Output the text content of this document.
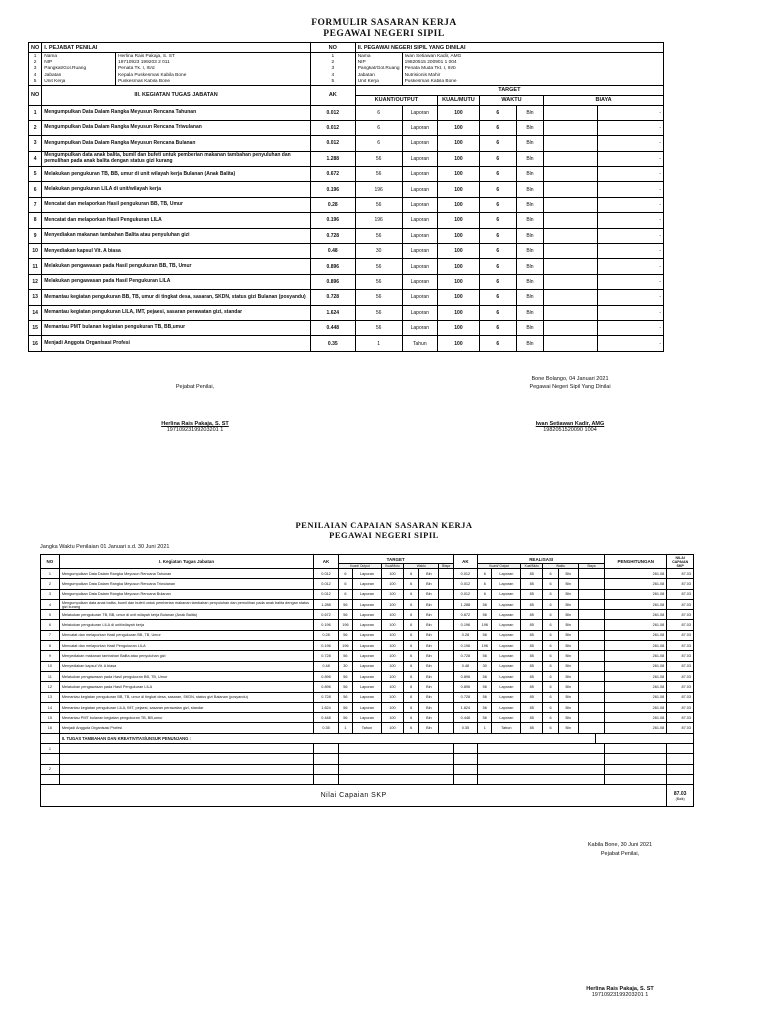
FORMULIR SASARAN KERJA
PEGAWAI NEGERI SIPIL
NO	I. PEJABAT PENILAI		NO	II. PEGAWAI NEGERI SIPIL YANG DINILAI						
1	Nama	Herlina Rais Pakaja, S. ST	1	Nama	Iwan Setiawan Kadir, AMG					
2	NIP	19710923 199203 2 011	2	NIP	19820515 200901 1 004					
3	Pangkat/Gol.Ruang	Penata Tk. I, III/d	3	Pangkat/Gol.Ruang	Penata Muda Tkt. I, III/b					
4	Jabatan	Kepala Puskesmas Kabila Bone	4	Jabatan	Nutrisionis Mahir					
5	Unit Kerja	Puskesmas Kabila Bone	5	Unit Kerja	Puskesmas Kabila Bone					
NO	III. KEGIATAN TUGAS JABATAN		AK	TARGET						
				KUANT/OUTPUT		KUAL/MUTU	WAKTU		BIAYA	
1	Mengumpulkan Data Dalam Rangka Meyusun Rencana Tahunan		0.012	6	Laporan	100	6	Bln		-
2	Mengumpulkan Data Dalam Rangka Meyusun Rencana Triwulanan		0.012	6	Laporan	100	6	Bln		-
3	Mengumpulkan Data Dalam Rangka Meyusun Rencana Bulanan		0.012	6	Laporan	100	6	Bln		-
4	Mengumpulkan data anak balita, bumil dan bufeti untuk pemberian makanan tambahan penyuluhan dan pemulihan pada anak balita dengan status gizi kurang		1.288	56	Laporan	100	6	Bln		-
5	Melakukan pengukuran TB, BB, umur di unit wilayah kerja Bulanan (Anak Balita)		0.672	56	Laporan	100	6	Bln		-
6	Melakukan pengukuran LILA di unit/wilayah kerja		0.196	196	Laporan	100	6	Bln		-
7	Mencatat dan melaporkan Hasil pengukuran BB, TB, Umur		0.28	56	Laporan	100	6	Bln		-
8	Mencatat dan melaporkan Hasil Pengukuran LILA		0.196	196	Laporan	100	6	Bln		-
9	Menyediakan makanan tambahan Balita atau penyuluhan gizi		0.728	56	Laporan	100	6	Bln		-
10	Menyediakan kapsul Vit. A biasa		0.48	30	Laporan	100	6	Bln		-
11	Melakukan pengawasan pada Hasil pengukuran BB, TB, Umur		0.896	56	Laporan	100	6	Bln		-
12	Melakukan pengawasan pada Hasil Pengukuran LILA		0.896	56	Laporan	100	6	Bln		-
13	Memantau kegiatan pengukuran BB, TB, umur di tingkat desa, sasaran, SKDN, status gizi Bulanan (posyandu)		0.728	56	Laporan	100	6	Bln		-
14	Memantau kegiatan pengukuran LILA, IMT, pejaesi, sasaran perawatan gizi, standar		1.624	56	Laporan	100	6	Bln		-
15	Memantau PMT bulanan kegiatan pengukuran TB, BB,umur		0.448	56	Laporan	100	6	Bln		-
16	Menjadi Anggota Organisasi Profesi		0.35	1	Tahun	100	6	Bln		-
Bone Bolango, 04 Januari 2021
Pegawai Negeri Sipil Yang Dinilai
Pejabat Penilai,
Herlina Rais Pakaja, S. ST
19710923199203201 1
Iwan Setiawan Kadir, AMG
1982051520090 1004
PENILAIAN CAPAIAN SASARAN KERJA
PEGAWAI NEGERI SIPIL
Jangka Waktu Penilaian 01 Januari s.d. 30 Juni 2021
NO	I. Kegiatan Tugas Jabatan	AK	TARGET						AK	REALISASI							PENGHITUNGAN	NILAI CAPAIAN SKP
			Kuant/ Output		Kual/Mutu	Waktu		Biaya		Kuant/ Output		Kual/Mutu	Waktu		Biaya			
1	Mengumpulkan Data Dalam Rangka Meyusun Rencana Tahunan	0.012	6	Laporan	100	6	Bln		0.012	6	Laporan	85	6	Bln			261.08	87.03
2	Mengumpulkan Data Dalam Rangka Meyusun Rencana Triwulanan	0.012	6	Laporan	100	6	Bln		0.012	6	Laporan	85	6	Bln			261.08	87.03
3	Mengumpulkan Data Dalam Rangka Meyusun Rencana Bulanan	0.012	6	Laporan	100	6	Bln		0.012	6	Laporan	85	6	Bln			261.08	87.03
4	Mengumpulkan data anak balita, bumil dan bufeti untuk pemberian makanan tambahan penyuluhan dan pemulihan pada anak balita dengan status gizi kurang	1.288	56	Laporan	100	6	Bln		1.288	56	Laporan	85	6	Bln			261.08	87.03
5	Melakukan pengukuran TB, BB, umur di unit wilayah kerja Bulanan (Anak Balita)	0.672	56	Laporan	100	6	Bln		0.672	56	Laporan	85	6	Bln			261.08	87.03
6	Melakukan pengukuran LILA di unit/wilayah kerja	0.196	196	Laporan	100	6	Bln		0.196	196	Laporan	85	6	Bln			261.08	87.03
7	Mencatat dan melaporkan Hasil pengukuran BB, TB, Umur	0.28	56	Laporan	100	6	Bln		0.28	56	Laporan	85	6	Bln			261.08	87.03
8	Mencatat dan melaporkan Hasil Pengukuran LILA	0.196	196	Laporan	100	6	Bln		0.196	196	Laporan	85	6	Bln			261.08	87.03
9	Menyediakan makanan tambahan Balita atau penyuluhan gizi	0.728	56	Laporan	100	6	Bln		0.728	56	Laporan	85	6	Bln			261.08	87.03
10	Menyediakan kapsul Vit. A biasa	0.48	30	Laporan	100	6	Bln		0.48	30	Laporan	85	6	Bln			261.08	87.03
11	Melakukan pengawasan pada Hasil pengukuran BB, TB, Umur	0.896	56	Laporan	100	6	Bln		0.896	56	Laporan	85	6	Bln			261.08	87.03
12	Melakukan pengawasan pada Hasil Pengukuran LILA	0.896	56	Laporan	100	6	Bln		0.896	56	Laporan	85	6	Bln			261.08	87.03
13	Memantau kegiatan pengukuran BB, TB, umur di tingkat desa, sasaran, SKDN, status gizi Balanan (posyandu)	0.728	56	Laporan	100	6	Bln		0.728	56	Laporan	85	6	Bln			261.08	87.03
14	Memantau kegiatan pengukuran LILA, IMT, pejaesi, sasaran perawatan gizi, standar	1.624	56	Laporan	100	6	Bln		1.624	56	Laporan	85	6	Bln			261.08	87.03
15	Memantau PMT bulanan kegiatan pengukuran TB, BB,umur	0.448	56	Laporan	100	6	Bln		0.448	56	Laporan	85	6	Bln			261.08	87.03
16	Menjadi Anggota Organisasi Profesi	0.35	1	Tahun	100	6	Bln		0.35	1	Tahun	85	6	Bln			261.08	87.03
	II. TUGAS TAMBAHAN DAN KREATIVITAS/UNSUR PENUNJANG :																	
1																		

2																		

Nilai Capaian SKP																		87.03
(Baik)
Kabila Bone, 30 Juni 2021
Pejabat Penilai,
Herlina Rais Pakaja, S. ST
19710923199203201 1
